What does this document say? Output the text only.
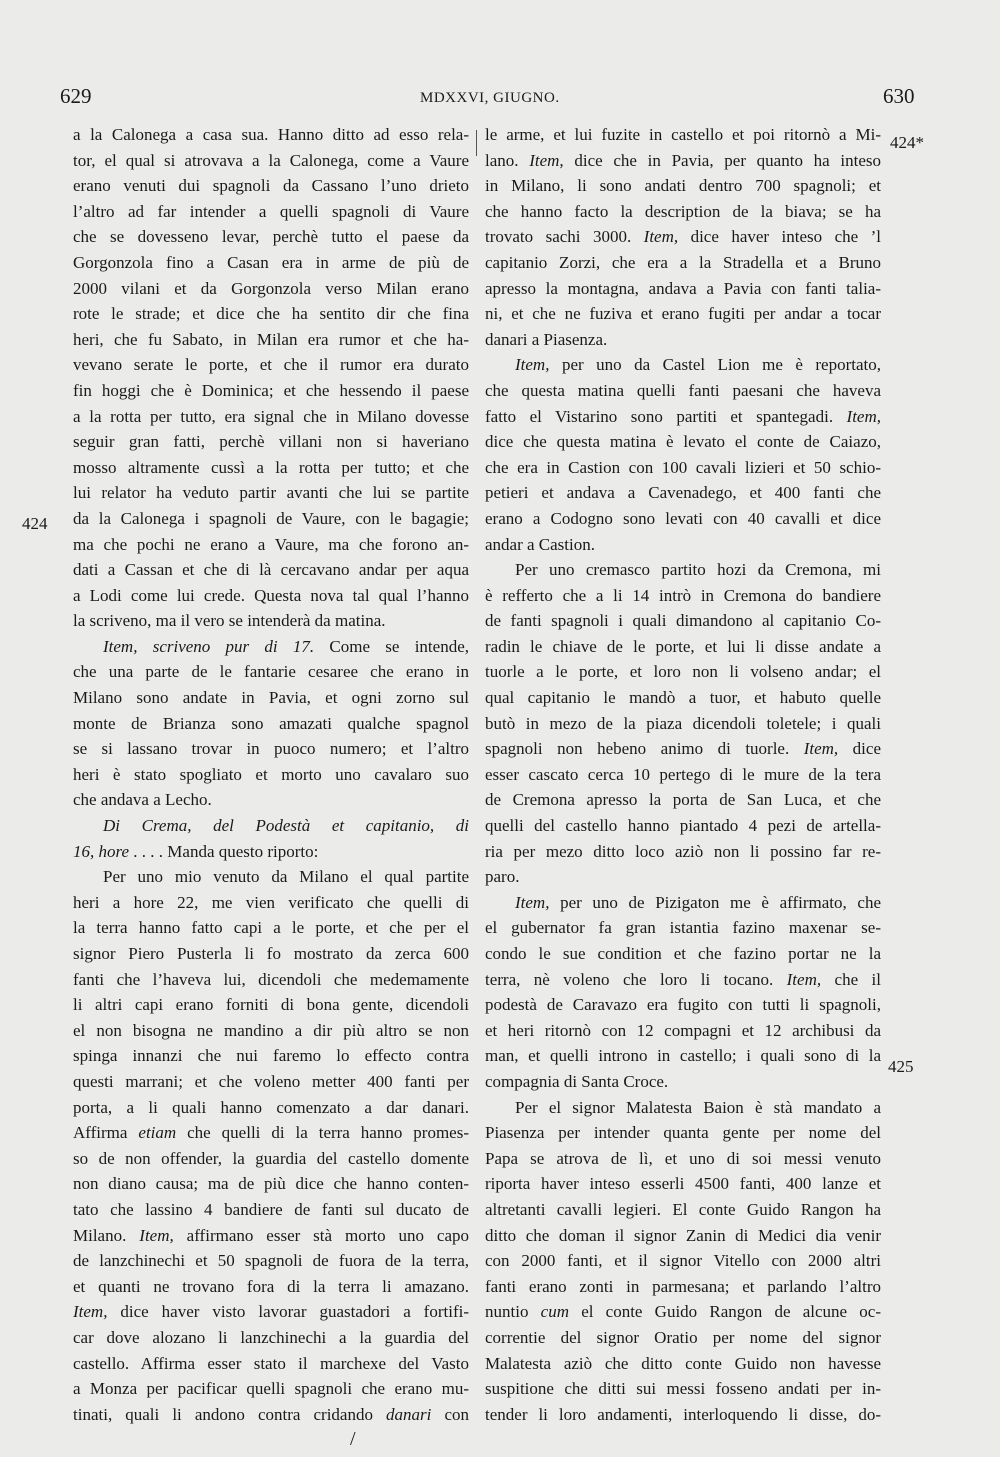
629	MDXXVI, GIUGNO.	630
424*
424
425
a la Calonega a casa sua. Hanno ditto ad esso rela-
tor, el qual si atrovava a la Calonega, come a Vaure
erano venuti dui spagnoli da Cassano l’uno drieto
l’altro ad far intender a quelli spagnoli di Vaure
che se dovesseno levar, perchè tutto el paese da
Gorgonzola fino a Casan era in arme de più de
2000 vilani et da Gorgonzola verso Milan erano
rote le strade; et dice che ha sentito dir che fina
heri, che fu Sabato, in Milan era rumor et che ha-
vevano serate le porte, et che il rumor era durato
fin hoggi che è Dominica; et che hessendo il paese
a la rotta per tutto, era signal che in Milano dovesse
seguir gran fatti, perchè villani non si haveriano
mosso altramente cussì a la rotta per tutto; et che
lui relator ha veduto partir avanti che lui se partite
da la Calonega i spagnoli de Vaure, con le bagagie;
ma che pochi ne erano a Vaure, ma che forono an-
dati a Cassan et che di là cercavano andar per aqua
a Lodi come lui crede. Questa nova tal qual l’hanno
la scriveno, ma il vero se intenderà da matina.
Item, scriveno pur di 17. Come se intende,
che una parte de le fantarie cesaree che erano in
Milano sono andate in Pavia, et ogni zorno sul
monte de Brianza sono amazati qualche spagnol
se si lassano trovar in puoco numero; et l’altro
heri è stato spogliato et morto uno cavalaro suo
che andava a Lecho.
Di Crema, del Podestà et capitanio, di
16, hore . . . . Manda questo riporto:
Per uno mio venuto da Milano el qual partite
heri a hore 22, me vien verificato che quelli di
la terra hanno fatto capi a le porte, et che per el
signor Piero Pusterla li fo mostrato da zerca 600
fanti che l’haveva lui, dicendoli che medemamente
li altri capi erano forniti di bona gente, dicendoli
el non bisogna ne mandino a dir più altro se non
spinga innanzi che nui faremo lo effecto contra
questi marrani; et che voleno metter 400 fanti per
porta, a li quali hanno comenzato a dar danari.
Affirma etiam che quelli di la terra hanno promes-
so de non offender, la guardia del castello domente
non diano causa; ma de più dice che hanno conten-
tato che lassino 4 bandiere de fanti sul ducato de
Milano. Item, affirmano esser stà morto uno capo
de lanzchinechi et 50 spagnoli de fuora de la terra,
et quanti ne trovano fora di la terra li amazano.
Item, dice haver visto lavorar guastadori a fortifi-
car dove alozano li lanzchinechi a la guardia del
castello. Affirma esser stato il marchexe del Vasto
a Monza per pacificar quelli spagnoli che erano mu-
tinati, quali li andono contra cridando danari con
le arme, et lui fuzite in castello et poi ritornò a Mi-
lano. Item, dice che in Pavia, per quanto ha inteso
in Milano, li sono andati dentro 700 spagnoli; et
che hanno facto la description de la biava; se ha
trovato sachi 3000. Item, dice haver inteso che ’l
capitanio Zorzi, che era a la Stradella et a Bruno
apresso la montagna, andava a Pavia con fanti talia-
ni, et che ne fuziva et erano fugiti per andar a tocar
danari a Piasenza.
Item, per uno da Castel Lion me è reportato,
che questa matina quelli fanti paesani che haveva
fatto el Vistarino sono partiti et spantegadi. Item,
dice che questa matina è levato el conte de Caiazo,
che era in Castion con 100 cavali lizieri et 50 schio-
petieri et andava a Cavenadego, et 400 fanti che
erano a Codogno sono levati con 40 cavalli et dice
andar a Castion.
Per uno cremasco partito hozi da Cremona, mi
è refferto che a li 14 intrò in Cremona do bandiere
de fanti spagnoli i quali dimandono al capitanio Co-
radin le chiave de le porte, et lui li disse andate a
tuorle a le porte, et loro non li volseno andar; el
qual capitanio le mandò a tuor, et habuto quelle
butò in mezo de la piaza dicendoli toletele; i quali
spagnoli non hebeno animo di tuorle. Item, dice
esser cascato cerca 10 pertego di le mure de la tera
de Cremona apresso la porta de San Luca, et che
quelli del castello hanno piantado 4 pezi de artella-
ria per mezo ditto loco aziò non li possino far re-
paro.
Item, per uno de Pizigaton me è affirmato, che
el gubernator fa gran istantia fazino maxenar se-
condo le sue condition et che fazino portar ne la
terra, nè voleno che loro li tocano. Item, che il
podestà de Caravazo era fugito con tutti li spagnoli,
et heri ritornò con 12 compagni et 12 archibusi da
man, et quelli introno in castello; i quali sono di la
compagnia di Santa Croce.
Per el signor Malatesta Baion è stà mandato a
Piasenza per intender quanta gente per nome del
Papa se atrova de lì, et uno di soi messi venuto
riporta haver inteso esserli 4500 fanti, 400 lanze et
altretanti cavalli legieri. El conte Guido Rangon ha
ditto che doman il signor Zanin di Medici dia venir
con 2000 fanti, et il signor Vitello con 2000 altri
fanti erano zonti in parmesana; et parlando l’altro
nuntio cum el conte Guido Rangon de alcune oc-
correntie del signor Oratio per nome del signor
Malatesta aziò che ditto conte Guido non havesse
suspitione che ditti sui messi fosseno andati per in-
tender li loro andamenti, interloquendo li disse, do-
/
